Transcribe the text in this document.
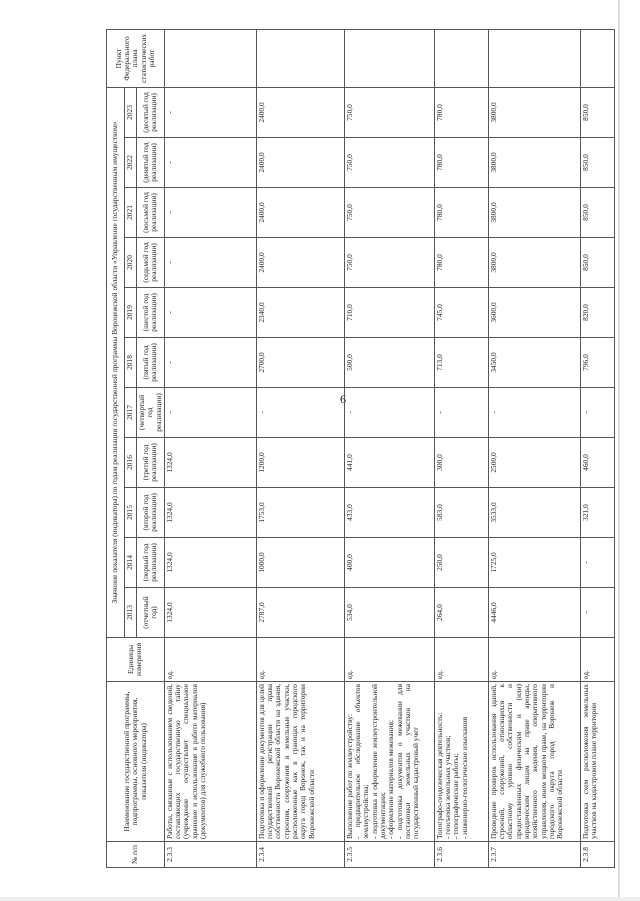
6
№ п/п	Наименование государственной программы, подпрограммы, основного мероприятия, показателя (индикатора)	Единицы измерения	Значение показателя (индикатора) по годам реализации государственной программы Воронежской области «Управление государственным имуществом»											Пункт Федерального плана статистических работ
			2013	2014	2015	2016	2017	2018	2019	2020	2021	2022	2023	
			(отчетный год)	(первый год реализации)	(второй год реализации)	(третий год реализации)	(четвертый год реализации)	(пятый год реализации)	(шестой год реализации)	(седьмой год реализации)	(восьмой год реализации)	(девятый год реализации)	(десятый год реализации)	
2.3.3	Работы, связанные с использованием сведений, составляющих государственную тайну (учреждение осуществляет специальное хранение и использование в работе материалов (документов) для служебного пользования)	ед.	1324,0	1324,0	1324,0	1324,0	-	-	-	-	-	-	-	
2.3.4	Подготовка и оформление документов для целей государственной регистрации права собственности Воронежской области на здания, строения, сооружения и земельные участки, расположенные как в границах городского округа город Воронеж, так и на территории Воронежской области	ед.	2787,0	1000,0	1753,0	1200,0	-	2700,0	2340,0	2400,0	2400,0	2400,0	2400,0	
2.3.5	Выполнение работ по землеустройству:
- предварительное обследование объектов землеустройства;
- подготовка и оформление землеустроительной документации;
- оформление материалов межевания;
- подготовка документов о межевании для постановки земельных участков на государственный кадастровый учет	ед.	534,0	400,0	433,0	441,0	-	500,0	710,0	750,0	750,0	750,0	750,0	
2.3.6	Топографо-геодезическая деятельность:
- геосъемка земельных участков;
- топографические работы;
- инженерно-геологические изыскания	ед.	264,0	250,0	583,0	300,0	-	713,0	745,0	780,0	780,0	780,0	780,0	
2.3.7	Проведение проверок использования зданий, строений, сооружений, относящихся к областному уровню собственности и предоставленных физическим и (или) юридическим лицам на праве аренды, хозяйственного ведения, оперативного управления, ином вещном праве, на территории городского округа город Воронеж и Воронежской области	ед.	4446,0	1725,0	3533,0	2500,0	-	3450,0	3600,0	3800,0	3800,0	3800,0	3800,0	
2.3.8	Подготовка схем расположения земельных участков на кадастровом плане территории	ед.	-	-	321,0	460,0	-	796,0	820,0	850,0	850,0	850,0	850,0	
